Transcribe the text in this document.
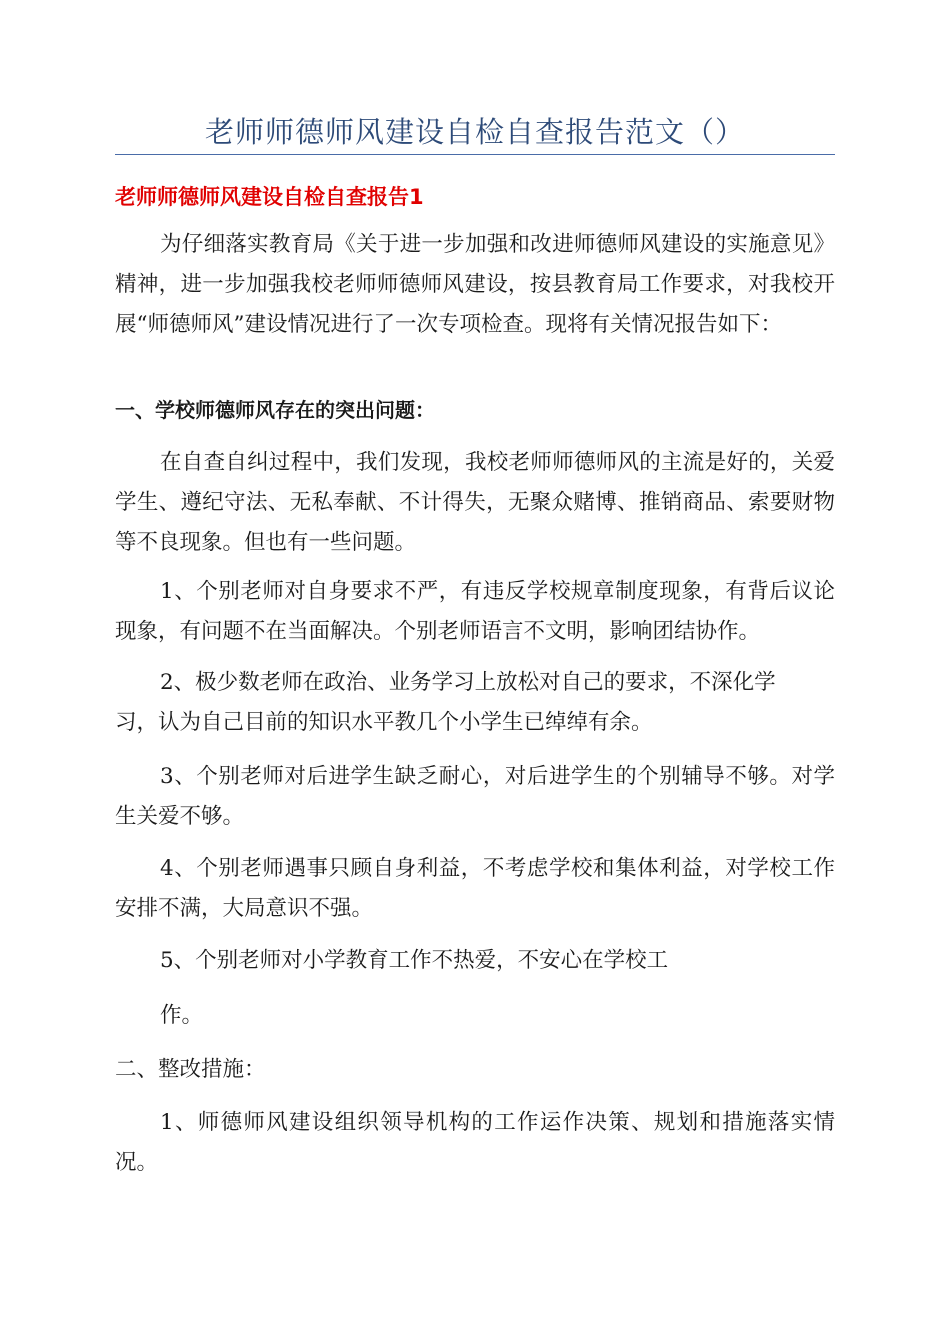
老师师德师风建设自检自查报告范文（）
老师师德师风建设自检自查报告1

为仔细落实教育局《关于进一步加强和改进师德师风建设的实施意见》精神，进一步加强我校老师师德师风建设，按县教育局工作要求，对我校开展“师德师风”建设情况进行了一次专项检查。现将有关情况报告如下：

一、学校师德师风存在的突出问题：

在自查自纠过程中，我们发现，我校老师师德师风的主流是好的，关爱学生、遵纪守法、无私奉献、不计得失，无聚众赌博、推销商品、索要财物等不良现象。但也有一些问题。

1、个别老师对自身要求不严，有违反学校规章制度现象，有背后议论现象，有问题不在当面解决。个别老师语言不文明，影响团结协作。

2、极少数老师在政治、业务学习上放松对自己的要求，不深化学

习，认为自己目前的知识水平教几个小学生已绰绰有余。

3、个别老师对后进学生缺乏耐心，对后进学生的个别辅导不够。对学生关爱不够。

4、个别老师遇事只顾自身利益，不考虑学校和集体利益，对学校工作安排不满，大局意识不强。

5、个别老师对小学教育工作不热爱，不安心在学校工

作。

二、整改措施：

1、师德师风建设组织领导机构的工作运作决策、规划和措施落实情况。
